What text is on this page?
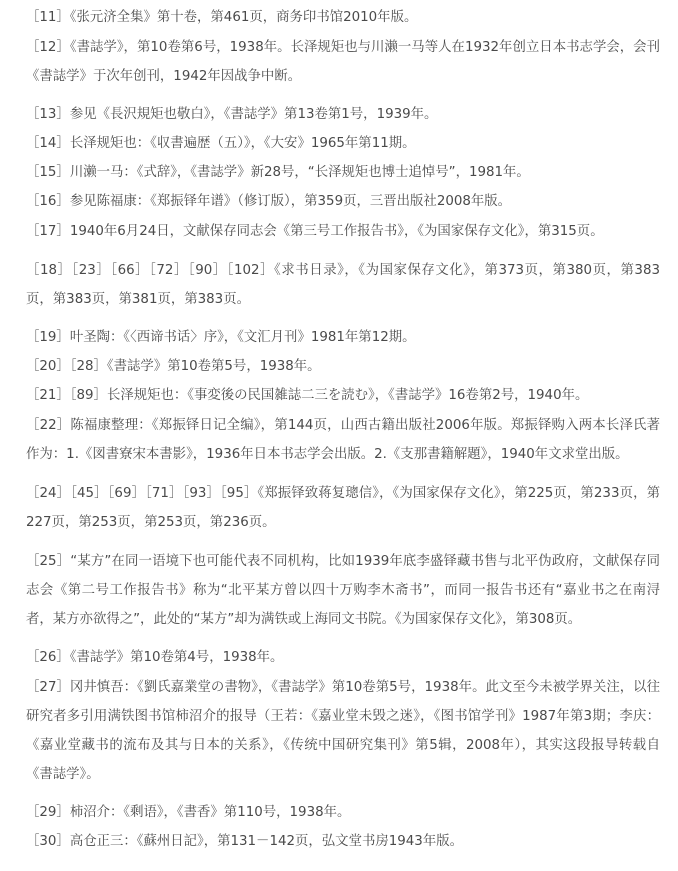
［11］《张元济全集》第十卷，第461页，商务印书馆2010年版。

［12］《書誌学》，第10卷第6号，1938年。长泽规矩也与川濑一马等人在1932年创立日本书志学会，会刊《書誌学》于次年创刊，1942年因战争中断。

［13］参见《長沢規矩也敬白》，《書誌学》第13卷第1号，1939年。

［14］长泽规矩也：《収書遍歴（五）》，《大安》1965年第11期。

［15］川濑一马：《式辞》，《書誌学》新28号，“长泽规矩也博士追悼号”，1981年。

［16］参见陈福康：《郑振铎年谱》（修订版），第359页，三晋出版社2008年版。

［17］1940年6月24日，文献保存同志会《第三号工作报告书》，《为国家保存文化》，第315页。

［18］［23］［66］［72］［90］［102］《求书日录》，《为国家保存文化》，第373页，第380页，第383页，第383页，第381页，第383页。

［19］叶圣陶：《〈西谛书话〉序》，《文汇月刊》1981年第12期。

［20］［28］《書誌学》第10卷第5号，1938年。

［21］［89］长泽规矩也：《事変後の民国雑誌二三を読む》，《書誌学》16卷第2号，1940年。

［22］陈福康整理：《郑振铎日记全编》，第144页，山西古籍出版社2006年版。郑振铎购入两本长泽氏著作为：1.《図書寮宋本書影》，1936年日本书志学会出版。2.《支那書籍解題》，1940年文求堂出版。

［24］［45］［69］［71］［93］［95］《郑振铎致蒋复璁信》，《为国家保存文化》，第225页，第233页，第227页，第253页，第253页，第236页。

［25］“某方”在同一语境下也可能代表不同机构，比如1939年底李盛铎藏书售与北平伪政府，文献保存同志会《第二号工作报告书》称为“北平某方曾以四十万购李木斋书”，而同一报告书还有“嘉业书之在南浔者，某方亦欲得之”，此处的“某方”却为满铁或上海同文书院。《为国家保存文化》，第308页。

［26］《書誌学》第10卷第4号，1938年。

［27］冈井慎吾：《劉氏嘉業堂の書物》，《書誌学》第10卷第5号，1938年。此文至今未被学界关注，以往研究者多引用满铁图书馆柿沼介的报导（王若：《嘉业堂未毁之迷》，《图书馆学刊》1987年第3期；李庆：《嘉业堂藏书的流布及其与日本的关系》，《传统中国研究集刊》第5辑，2008年），其实这段报导转载自《書誌学》。

［29］柿沼介：《剩语》，《書香》第110号，1938年。

［30］高仓正三：《蘇州日記》，第131－142页，弘文堂书房1943年版。
